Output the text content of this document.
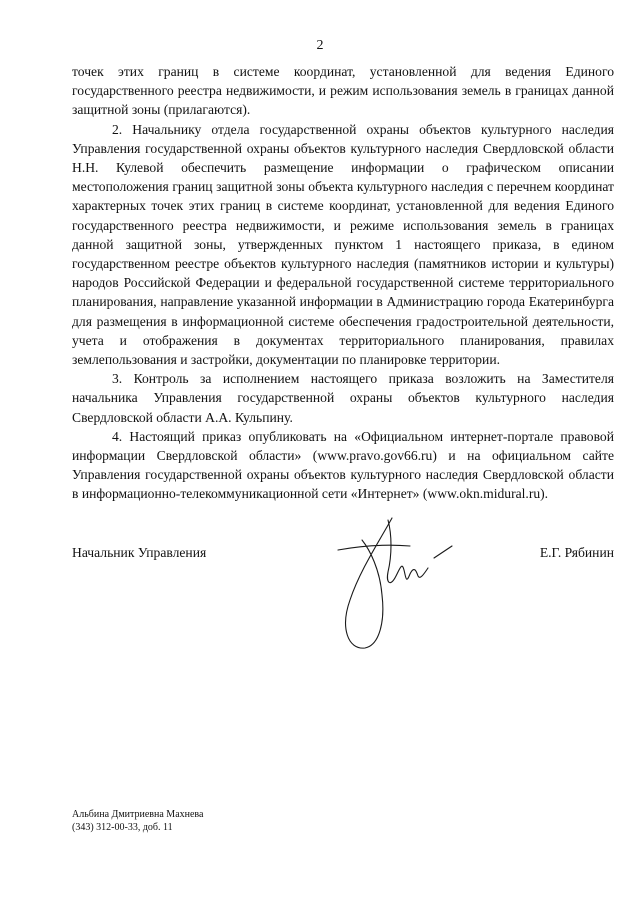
2

точек этих границ в системе координат, установленной для ведения Единого государственного реестра недвижимости, и режим использования земель в границах данной защитной зоны (прилагаются).

2. Начальнику отдела государственной охраны объектов культурного наследия Управления государственной охраны объектов культурного наследия Свердловской области Н.Н. Кулевой обеспечить размещение информации о графическом описании местоположения границ защитной зоны объекта культурного наследия с перечнем координат характерных точек этих границ в системе координат, установленной для ведения Единого государственного реестра недвижимости, и режиме использования земель в границах данной защитной зоны, утвержденных пунктом 1 настоящего приказа, в едином государственном реестре объектов культурного наследия (памятников истории и культуры) народов Российской Федерации и федеральной государственной системе территориального планирования, направление указанной информации в Администрацию города Екатеринбурга для размещения в информационной системе обеспечения градостроительной деятельности, учета и отображения в документах территориального планирования, правилах землепользования и застройки, документации по планировке территории.

3. Контроль за исполнением настоящего приказа возложить на Заместителя начальника Управления государственной охраны объектов культурного наследия Свердловской области А.А. Кульпину.

4. Настоящий приказ опубликовать на «Официальном интернет-портале правовой информации Свердловской области» (www.pravo.gov66.ru) и на официальном сайте Управления государственной охраны объектов культурного наследия Свердловской области в информационно-телекоммуникационной сети «Интернет» (www.okn.midural.ru).

Начальник Управления	Е.Г. Рябинин
Альбина Дмитриевна Махнева
(343) 312-00-33, доб. 11
